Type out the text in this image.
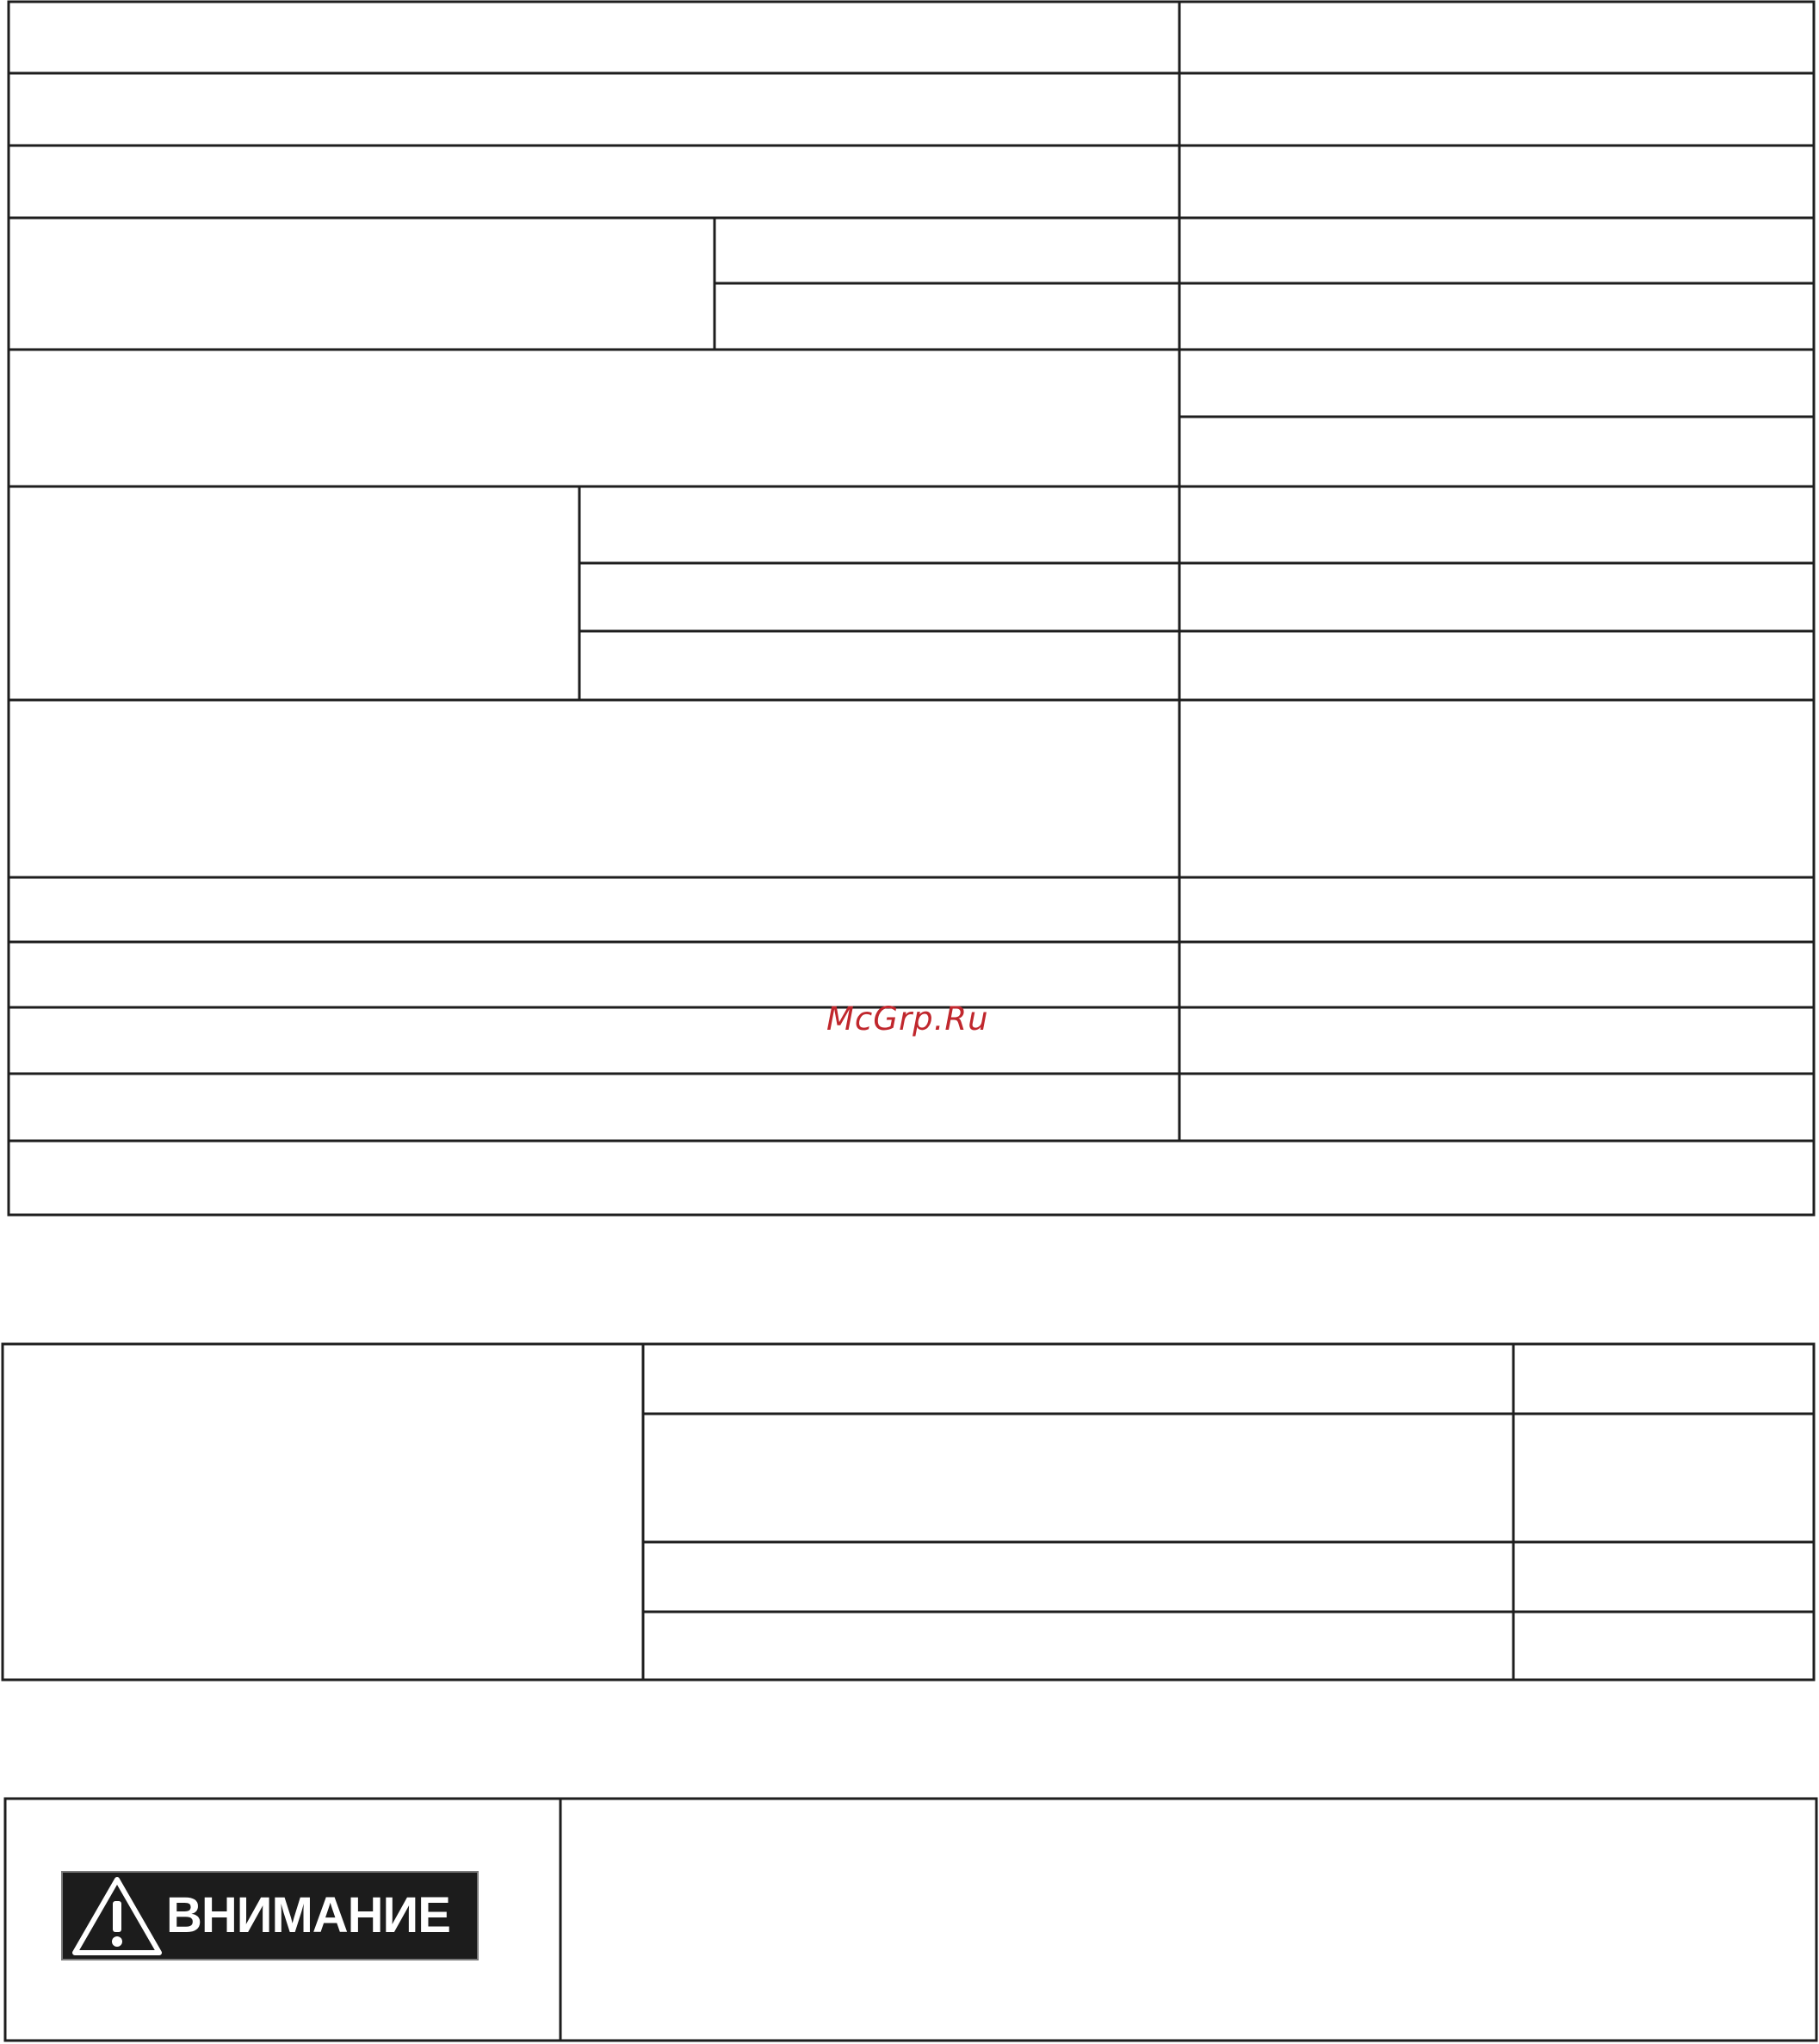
McGrp.Ru
ВНИМАНИЕ
